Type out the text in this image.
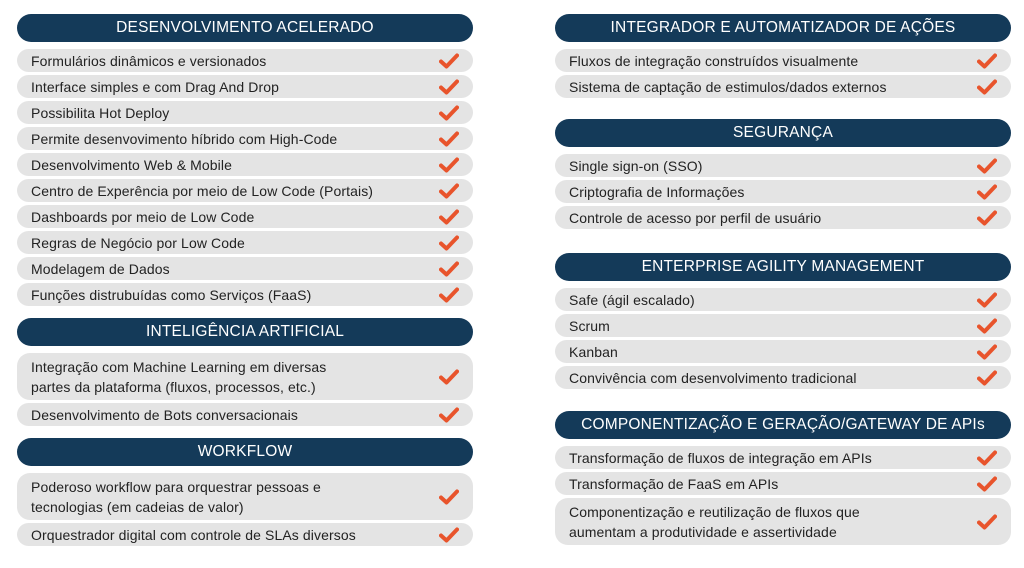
DESENVOLVIMENTO ACELERADO
Formulários dinâmicos e versionados
Interface simples e com Drag And Drop
Possibilita Hot Deploy
Permite desenvovimento híbrido com High-Code
Desenvolvimento Web & Mobile
Centro de Experência por meio de Low Code (Portais)
Dashboards por meio de Low Code
Regras de Negócio por Low Code
Modelagem de Dados
Funções distrubuídas como Serviços (FaaS)
INTELIGÊNCIA ARTIFICIAL
Integração com Machine Learning em diversas partes da plataforma (fluxos, processos, etc.)
Desenvolvimento de Bots conversacionais
WORKFLOW
Poderoso workflow para orquestrar pessoas e tecnologias (em cadeias de valor)
Orquestrador digital com controle de SLAs diversos
INTEGRADOR E AUTOMATIZADOR DE AÇÕES
Fluxos de integração construídos visualmente
Sistema de captação de estimulos/dados externos
SEGURANÇA
Single sign-on (SSO)
Criptografia de Informações
Controle de acesso por perfil de usuário
ENTERPRISE AGILITY MANAGEMENT
Safe (ágil escalado)
Scrum
Kanban
Convivência com desenvolvimento tradicional
COMPONENTIZAÇÃO E GERAÇÃO/GATEWAY DE APIs
Transformação de fluxos de integração em APIs
Transformação de FaaS em APIs
Componentização e reutilização de fluxos que aumentam a produtividade e assertividade
